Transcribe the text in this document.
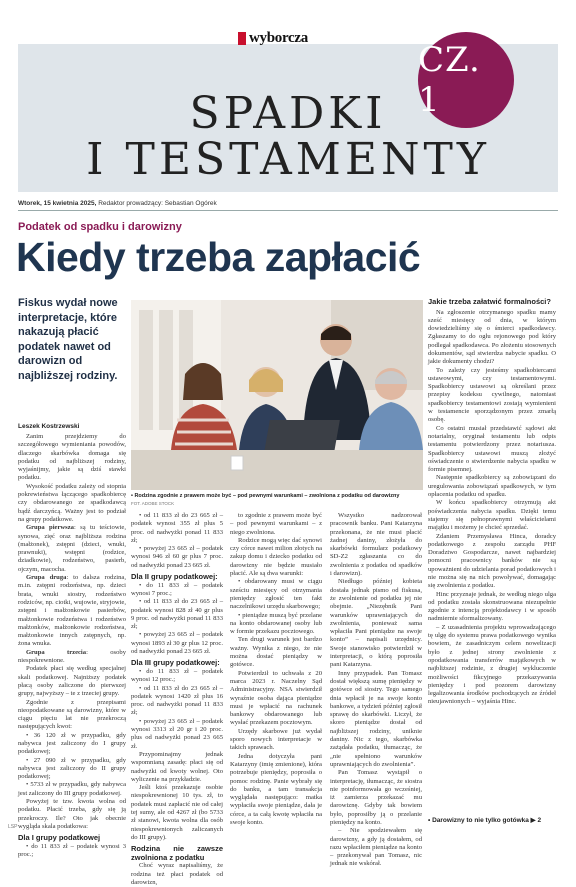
wyborcza
SPADKI
I TESTAMENTY
CZ. 1
Wtorek, 15 kwietnia 2025, Redaktor prowadzący: Sebastian Ogórek
Podatek od spadku i darowizny
Kiedy trzeba zapłacić
Fiskus wydał nowe interpretacje, które nakazują płacić podatek nawet od darowizn od najbliższej rodziny.
Leszek Kostrzewski

Zanim przejdziemy do szczegółowego wymieniania powodów, dlaczego skarbówka domaga się podatku od najbliższej rodziny, wyjaśnijmy, jakie są dziś stawki podatku.

Wysokość podatku zależy od stopnia pokrewieństwa łączącego spadkobiercę czy obdarowanego ze spadkodawcą bądź darczyńcą. Ważny jest to podział na grupy podatkowe.

Grupa pierwsza: są tu teściowie, synowa, zięć oraz najbliższa rodzina (małżonek), zstępni (dzieci, wnuki, prawnuki), wstępni (rodzice, dziadkowie), rodzeństwo, pasierb, ojczym, macocha.

Grupa druga: to dalsza rodzina, m.in. zstępni rodzeństwa, np. dzieci brata, wnuki siostry, rodzeństwo rodziców, np. ciotki, wujowie, stryjowie, zstępni i małżonkowie pasierbów, małżonkowie rodzeństwa i rodzeństwo małżonków, małżonkowie rodzeństwa, małżonkowie innych zstępnych, np. żona wnuka.

Grupa trzecia: osoby niespokrewnione.

Podatek płaci się według specjalnej skali podatkowej. Najniższy podatek płacą osoby zaliczone do pierwszej grupy, najwyższy – te z trzeciej grupy.

Zgodnie z przepisami nieopodatkowane są darowizny, które w ciągu pięciu lat nie przekroczą następujących kwot:

• 36 120 zł w przypadku, gdy nabywca jest zaliczony do I grupy podatkowej;

• 27 090 zł w przypadku, gdy nabywca jest zaliczony do II grupy podatkowej;

• 5733 zł w przypadku, gdy nabywca jest zaliczony do III grupy podatkowej.

Powyżej te tzw. kwota wolna od podatku. Płacić trzeba, gdy się ją przekroczy. Ile? Oto jak obecnie wygląda skala podatkowa:

Dla I grupy podatkowej

• do 11 833 zł – podatek wynosi 3 proc.;

• Rodzina zgodnie z prawem może być – pod pewnymi warunkami – zwolniona z podatku od darowizny
FOT. ADOBE STOCK

• od 11 833 zł do 23 665 zł – podatek wynosi 355 zł plus 5 proc. od nadwyżki ponad 11 833 zł;

• powyżej 23 665 zł – podatek wynosi 946 zł 60 gr plus 7 proc. od nadwyżki ponad 23 665 zł.

Dla II grupy podatkowej:

• do 11 833 zł – podatek wynosi 7 proc.;

• od 11 833 zł do 23 665 zł – podatek wynosi 828 zł 40 gr plus 9 proc. od nadwyżki ponad 11 833 zł;

• powyżej 23 665 zł – podatek wynosi 1893 zł 30 gr plus 12 proc. od nadwyżki ponad 23 665 zł.

Dla III grupy podatkowej:

• do 11 833 zł – podatek wynosi 12 proc.;

• od 11 833 zł do 23 665 zł – podatek wynosi 1420 zł plus 16 proc. od nadwyżki ponad 11 833 zł;

• powyżej 23 665 zł – podatek wynosi 3313 zł 20 gr i 20 proc. plus od nadwyżki ponad 23 665 zł.

Przypominajmy jednak wspomnianą zasadę: płaci się od nadwyżki od kwoty wolnej. Oto wyliczenie na przykładzie.

Jeśli ktoś przekazuje osobie niespokrewnionej 10 tys. zł, to podatek musi zapłacić nie od całej tej sumy, ale od 4267 zł (bo 5733 zł stanowi, kwota wolna dla osób niespokrewnionych zaliczanych do III grupy).

Rodzina nie zawsze zwolniona z podatku

Choć wyraz napisaliśmy, że rodzina też płaci podatek od darowizn,

to zgodnie z prawem może być – pod pewnymi warunkami – z niego zwolniona.

Rodzice mogą więc dać synowi czy córce nawet milion złotych na zakup domu i dziecko podatku od darowizny nie będzie musiało płacić. Ale są dwa warunki:

• obdarowany musi w ciągu sześciu miesięcy od otrzymania pieniędzy zgłosić ten fakt naczelnikowi urzędu skarbowego;

• pieniądze muszą być przelane na konto obdarowanej osoby lub w formie przekazu pocztowego.

Ten drugi warunek jest bardzo ważny. Wynika z niego, że nie można dostać pieniądzy w gotówce.

Potwierdził to uchwała z 20 marca 2023 r. Naczelny Sąd Administracyjny. NSA stwierdził wyraźnie osoba dająca pieniądze musi je wpłacić na rachunek bankowy obdarowanego lub wysłać przekazem pocztowym.

Urzędy skarbowe już wydał sporo nowych interpretacje w takich sprawach.

Jedna dotyczyła pani Katarzyny (imię zmienione), która potrzebuje pieniędzy, poprosiła o pomoc rodzinę. Panie wybrały się do banku, a tam transakcja wyglądała następująco: matka wypłaciła swoje pieniądze, dała je córce, a ta całą kwotę wpłaciła na swoje konto.

Wszystko nadzorował pracownik banku. Pani Katarzyna przekonana, że nie musi płacić żadnej daniny, złożyła do skarbówki formularz podatkowy SD-Z2 zgłaszania co do zwolnienia z podatku od spadków i darowizn).

Niedługo później kobieta dostała jednak pismo od fiskusa, że zwolnienie od podatku jej nie obejmie. „Niezębnik Pani warunków uprawniających do zwolnienia, ponieważ sama wpłaciła Pani pieniądze na swoje konto” – napisali urzędnicy. Swoje stanowisko potwierdził w interpretacji, o którą poprosiła pani Katarzyna.

Inny przypadek. Pan Tomasz dostał większą sumę pieniędzy w gotówce od siostry. Tego samego dnia wpłacił je na swoje konto bankowe, a tydzień później zgłosił sprawę do skarbówki. Liczył, że skoro pieniądze dostał od najbliższej rodziny, uniknie daniny. Nic z tego, skarbówka zażądała podatku, tłumacząc, że „nie spełniono warunków uprawniających do zwolnienia”.

Pan Tomasz wystąpił o interpretację, tłumacząc, że siostra nie poinformowała go wcześniej, iż zamierza przekazać mu darowiznę. Gdyby tak bowiem było, poprosiłby ją o przelanie pieniędzy na konto.

– Nie spodziewałem się darowizny, a gdy ją dostałem, od razu wpłaciłem pieniądze na konto – przekonywał pan Tomasz, nic jednak nie wskórał.

Jakie trzeba załatwić formalności?

Na zgłoszenie otrzymanego spadku mamy sześć miesięcy od dnia, w którym dowiedzieliśmy się o śmierci spadkodawcy. Zgłaszamy to do ogłu rejonowego pod który podlegał spadkodawca. Po złożeniu stosownych dokumentów, sąd stwierdza nabycie spadku. O jakie dokumenty chodzi?

To zależy czy jesteśmy spadkobiercami ustawowymi, czy testamentowymi. Spadkobiercy ustawowi są określani przez przepisy kodeksu cywilnego, natomiast spadkobiercy testamentowi zostają wymienieni w testamencie sporządzonym przez zmarłą osobę.

Co ostatni musiał przedstawić sądowi akt notarialny, oryginał testamentu lub odpis testamentu potwierdzony przez notariusza. Spadkobiercy ustawowi muszą złożyć oświadczenie o stwierdzenie nabycia spadku w formie pisemnej.

Następnie spadkobiercy są zobowiązani do uregulowania zobowiązań spadkowych, w tym opłacenia podatku od spadku.

W końcu spadkobiercy otrzymują akt poświadczenia nabycia spadku. Dzięki temu stajemy się pełnoprawnymi właścicielami majątku i możemy je chcieć sprzedać.

Zdaniem Przemysława Hinca, doradcy podatkowego z zespołu zarządu PHF Doradztwo Gospodarcze, nawet najbardziej pomocni pracownicy banków nie są upoważnieni do udzielania porad podatkowych i nie można się na nich powoływać, domagając się zwolnienia z podatku.

Hinc przyznaje jednak, że według niego ulga od podatku została skonstruowana niezupełnie zgodnie z intencją projektodawcy i w sposób nadmiernie sformalizowany.

– Z uzasadnienia projektu wprowadzającego tę ulgę do systemu prawa podatkowego wynika bowiem, że zasadniczym celem nowelizacji było z jednej strony zwolnienie z opodatkowania transferów majątkowych w najbliższej rodzinie, z drugiej wykluczenie możliwości fikcyjnego przekazywania pieniędzy i pod pozorem darowizny legalizowania środków pochodzących ze źródeł nieujawnionych – wyjaśnia Hinc.

• Darowizny to nie tylko gotówka ▶ 2
LSP
